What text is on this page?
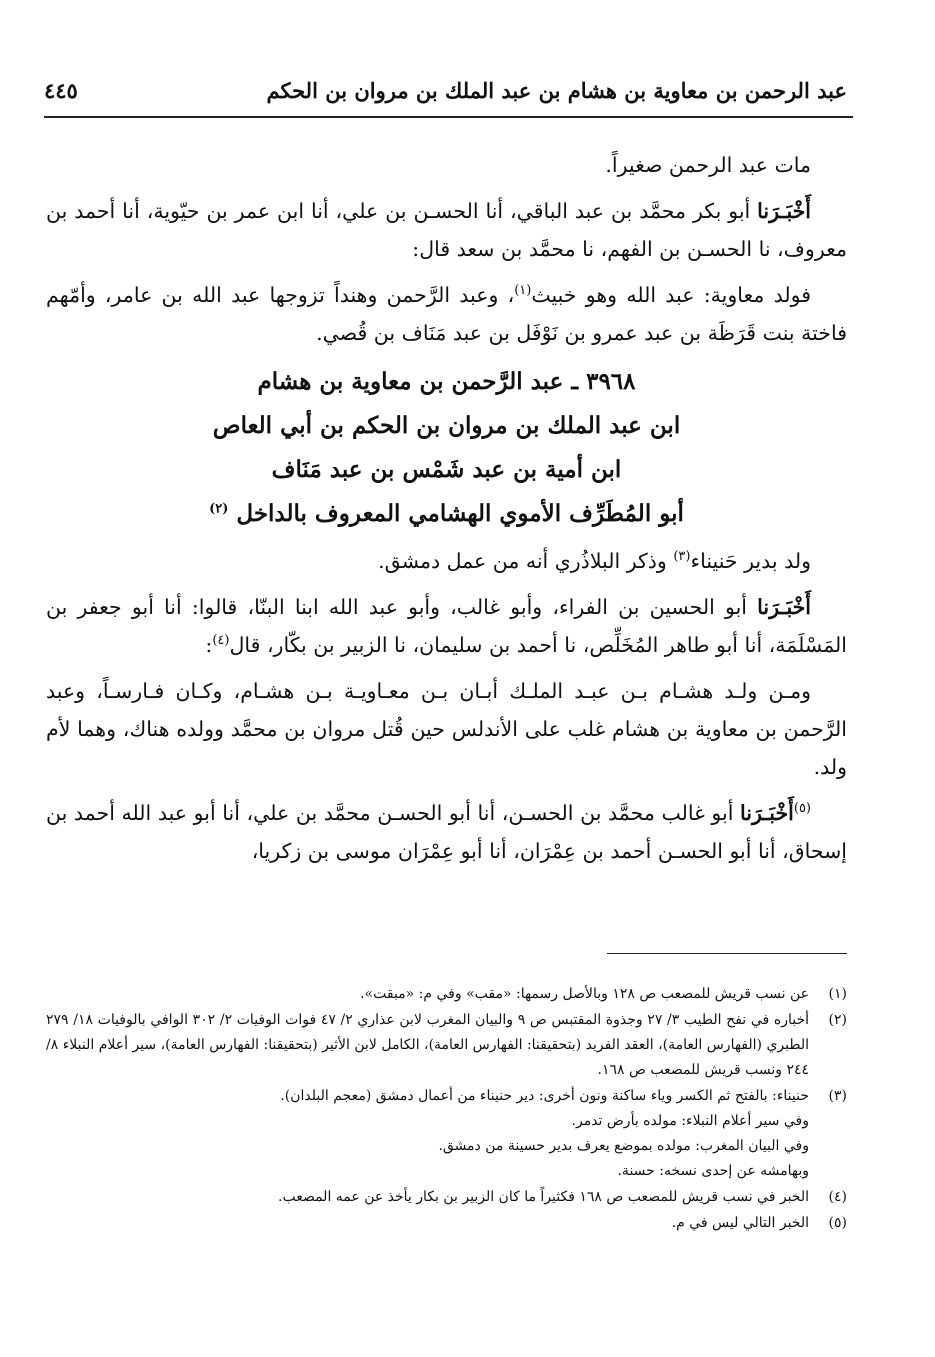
عبد الرحمن بن معاوية بن هشام بن عبد الملك بن مروان بن الحكم
٤٤٥

مات عبد الرحمن صغيراً.

أَخْبَـرَنا أبو بكر محمَّد بن عبد الباقي، أنا الحسـن بن علي، أنا ابن عمر بن حيّوية، أنا أحمد بن معروف، نا الحسـن بن الفهم، نا محمَّد بن سعد قال:

فولد معاوية: عبد الله وهو خبيث$^{(١)}$، وعبد الرَّحمن وهنداً تزوجها عبد الله بن عامر، وأمّهم فاختة بنت قَرَظَة بن عبد عمرو بن نَوْفَل بن عبد مَنَاف بن قُصي.

٣٩٦٨ ـ عبد الرَّحمن بن معاوية بن هشام
ابن عبد الملك بن مروان بن الحكم بن أبي العاص
ابن أمية بن عبد شَمْس بن عبد مَنَاف
أبو المُطَرِّف الأموي الهشامي المعروف بالداخل $^{(٢)}$

ولد بدير حَنيناء$^{(٣)}$ وذكر البلاذُري أنه من عمل دمشق.

أَخْبَـرَنا أبو الحسين بن الفراء، وأبو غالب، وأبو عبد الله ابنا البنّا، قالوا: أنا أبو جعفر بن المَسْلَمَة، أنا أبو طاهر المُخَلِّص، نا أحمد بن سليمان، نا الزبير بن بكّار، قال$^{(٤)}$:

ومـن ولـد هشـام بـن عبـد الملـك أبـان بـن معـاويـة بـن هشـام، وكـان فـارسـاً، وعبد الرَّحمن بن معاوية بن هشام غلب على الأندلس حين قُتل مروان بن محمَّد وولده هناك، وهما لأم ولد.

$^{(٥)}$أَخْبَـرَنا أبو غالب محمَّد بن الحسـن، أنا أبو الحسـن محمَّد بن علي، أنا أبو عبد الله أحمد بن إسحاق، أنا أبو الحسـن أحمد بن عِمْرَان، أنا أبو عِمْرَان موسى بن زكريا،

(١)
عن نسب قريش للمصعب ص ١٢٨ وبالأصل رسمها: «مقب» وفي م: «مبقت».
(٢)
أخباره في نفح الطيب ٣/ ٢٧ وجذوة المقتبس ص ٩ والبيان المغرب لابن عذاري ٢/ ٤٧ فوات الوفيات ٢/ ٣٠٢ الوافي بالوفيات ١٨/ ٢٧٩ الطبري (الفهارس العامة)، العقد الفريد (بتحقيقنا: الفهارس العامة)، الكامل لابن الأثير (بتحقيقنا: الفهارس العامة)، سير أعلام النبلاء ٨/ ٢٤٤ ونسب قريش للمصعب ص ١٦٨.
(٣)
حنيناء: بالفتح ثم الكسر وياء ساكنة ونون أخرى: دير حنيناء من أعمال دمشق (معجم البلدان).
وفي سير أعلام النبلاء: مولده بأرض تدمر.
وفي البيان المغرب: مولده بموضع يعرف بدير حسينة من دمشق.
وبهامشه عن إحدى نسخه: حسنة.
(٤)
الخبر في نسب قريش للمصعب ص ١٦٨ فكثيراً ما كان الزبير بن بكار يأخذ عن عمه المصعب.
(٥)
الخبر التالي ليس في م.
